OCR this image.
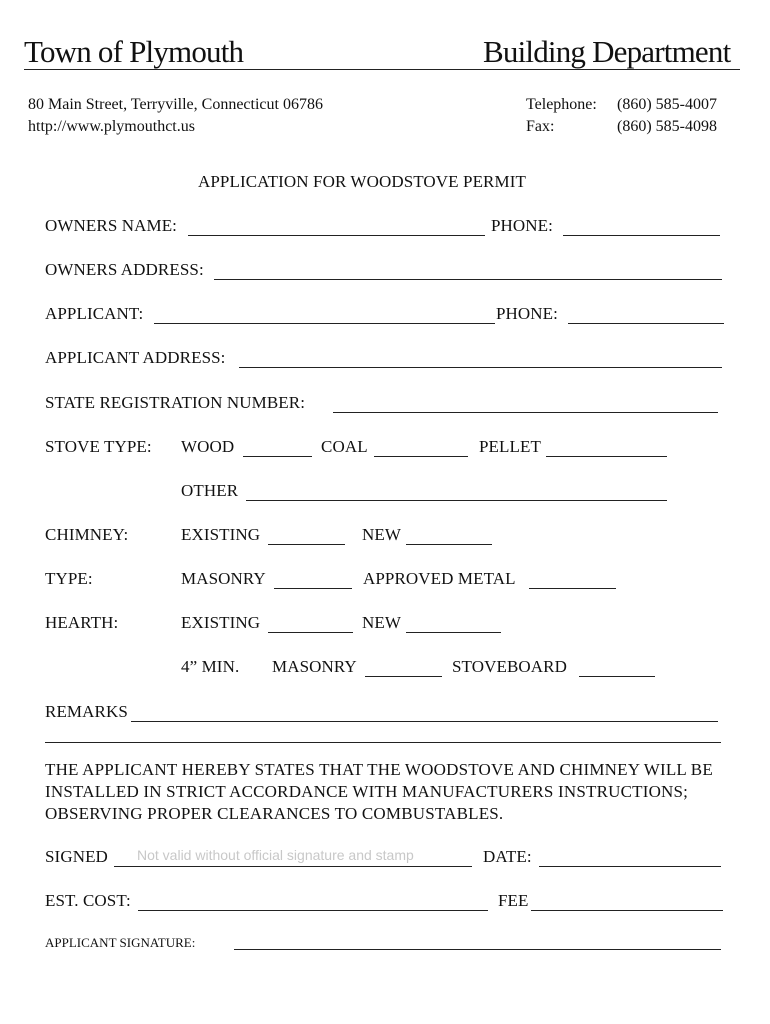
Town of Plymouth	Building Department
80 Main Street, Terryville, Connecticut 06786
http://www.plymouthct.us
Telephone: (860) 585-4007
Fax:	(860) 585-4098
APPLICATION FOR WOODSTOVE PERMIT
OWNERS NAME:	PHONE:
OWNERS ADDRESS:
APPLICANT:	PHONE:
APPLICANT ADDRESS:
STATE REGISTRATION NUMBER:
STOVE TYPE: WOOD	COAL	PELLET
OTHER
CHIMNEY:	EXISTING	NEW
TYPE:	MASONRY	APPROVED METAL
HEARTH:	EXISTING	NEW
4” MIN. MASONRY	STOVEBOARD
REMARKS
THE APPLICANT HEREBY STATES THAT THE WOODSTOVE AND CHIMNEY WILL BE INSTALLED IN STRICT ACCORDANCE WITH MANUFACTURERS INSTRUCTIONS; OBSERVING PROPER CLEARANCES TO COMBUSTABLES.
SIGNED Not valid without official signature and stamp	DATE:
EST. COST:	FEE
APPLICANT SIGNATURE:
